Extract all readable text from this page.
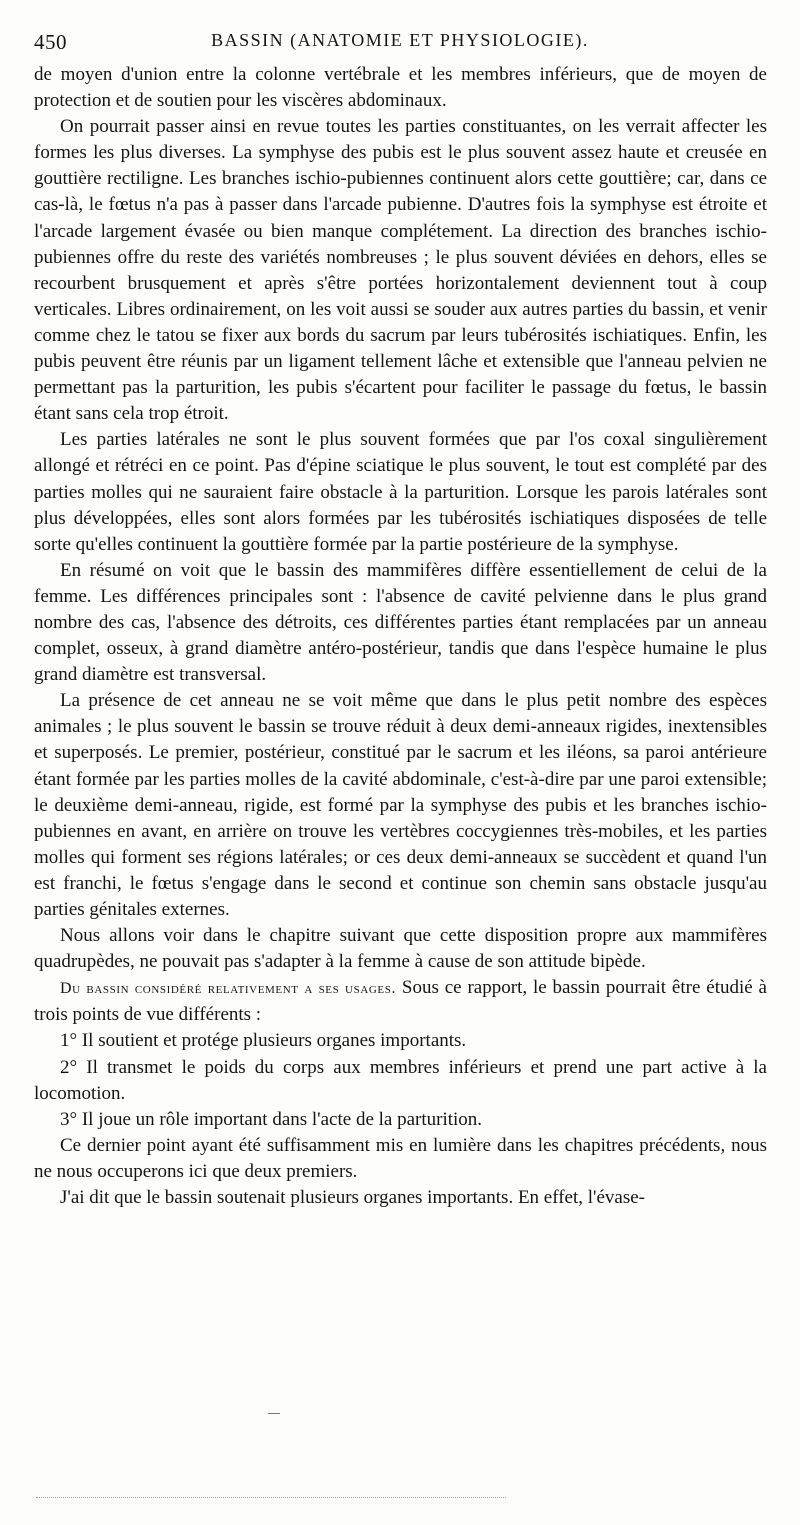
450	BASSIN (ANATOMIE ET PHYSIOLOGIE).

de moyen d'union entre la colonne vertébrale et les membres inférieurs, que de moyen de protection et de soutien pour les viscères abdominaux.

On pourrait passer ainsi en revue toutes les parties constituantes, on les verrait affecter les formes les plus diverses. La symphyse des pubis est le plus souvent assez haute et creusée en gouttière rectiligne. Les branches ischio-pubiennes continuent alors cette gouttière; car, dans ce cas-là, le fœtus n'a pas à passer dans l'arcade pubienne. D'autres fois la symphyse est étroite et l'arcade largement évasée ou bien manque complétement. La direction des branches ischio-pubiennes offre du reste des variétés nombreuses ; le plus souvent déviées en dehors, elles se recourbent brusquement et après s'être portées horizontalement deviennent tout à coup verticales. Libres ordinairement, on les voit aussi se souder aux autres parties du bassin, et venir comme chez le tatou se fixer aux bords du sacrum par leurs tubérosités ischiatiques. Enfin, les pubis peuvent être réunis par un ligament tellement lâche et extensible que l'anneau pelvien ne permettant pas la parturition, les pubis s'écartent pour faciliter le passage du fœtus, le bassin étant sans cela trop étroit.

Les parties latérales ne sont le plus souvent formées que par l'os coxal singulièrement allongé et rétréci en ce point. Pas d'épine sciatique le plus souvent, le tout est complété par des parties molles qui ne sauraient faire obstacle à la parturition. Lorsque les parois latérales sont plus développées, elles sont alors formées par les tubérosités ischiatiques disposées de telle sorte qu'elles continuent la gouttière formée par la partie postérieure de la symphyse.

En résumé on voit que le bassin des mammifères diffère essentiellement de celui de la femme. Les différences principales sont : l'absence de cavité pelvienne dans le plus grand nombre des cas, l'absence des détroits, ces différentes parties étant remplacées par un anneau complet, osseux, à grand diamètre antéro-postérieur, tandis que dans l'espèce humaine le plus grand diamètre est transversal.

La présence de cet anneau ne se voit même que dans le plus petit nombre des espèces animales ; le plus souvent le bassin se trouve réduit à deux demi-anneaux rigides, inextensibles et superposés. Le premier, postérieur, constitué par le sacrum et les iléons, sa paroi antérieure étant formée par les parties molles de la cavité abdominale, c'est-à-dire par une paroi extensible; le deuxième demi-anneau, rigide, est formé par la symphyse des pubis et les branches ischio-pubiennes en avant, en arrière on trouve les vertèbres coccygiennes très-mobiles, et les parties molles qui forment ses régions latérales; or ces deux demi-anneaux se succèdent et quand l'un est franchi, le fœtus s'engage dans le second et continue son chemin sans obstacle jusqu'au parties génitales externes.

Nous allons voir dans le chapitre suivant que cette disposition propre aux mammifères quadrupèdes, ne pouvait pas s'adapter à la femme à cause de son attitude bipède.

Du bassin considéré relativement a ses usages. Sous ce rapport, le bassin pourrait être étudié à trois points de vue différents :

1° Il soutient et protége plusieurs organes importants.

2° Il transmet le poids du corps aux membres inférieurs et prend une part active à la locomotion.

3° Il joue un rôle important dans l'acte de la parturition.

Ce dernier point ayant été suffisamment mis en lumière dans les chapitres précédents, nous ne nous occuperons ici que deux premiers.

J'ai dit que le bassin soutenait plusieurs organes importants. En effet, l'évase-
